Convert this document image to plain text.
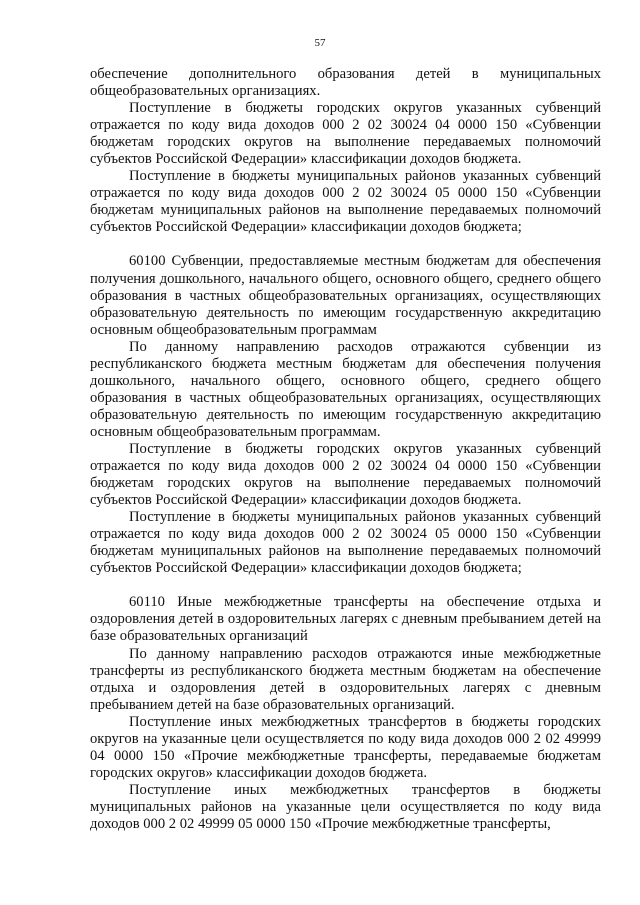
57

обеспечение дополнительного образования детей в муниципальных общеобразовательных организациях.

Поступление в бюджеты городских округов указанных субвенций отражается по коду вида доходов 000 2 02 30024 04 0000 150 «Субвенции бюджетам городских округов на выполнение передаваемых полномочий субъектов Российской Федерации» классификации доходов бюджета.

Поступление в бюджеты муниципальных районов указанных субвенций отражается по коду вида доходов 000 2 02 30024 05 0000 150 «Субвенции бюджетам муниципальных районов на выполнение передаваемых полномочий субъектов Российской Федерации» классификации доходов бюджета;

60100 Субвенции, предоставляемые местным бюджетам для обеспечения получения дошкольного, начального общего, основного общего, среднего общего образования в частных общеобразовательных организациях, осуществляющих образовательную деятельность по имеющим государственную аккредитацию основным общеобразовательным программам

По данному направлению расходов отражаются субвенции из республиканского бюджета местным бюджетам для обеспечения получения дошкольного, начального общего, основного общего, среднего общего образования в частных общеобразовательных организациях, осуществляющих образовательную деятельность по имеющим государственную аккредитацию основным общеобразовательным программам.

Поступление в бюджеты городских округов указанных субвенций отражается по коду вида доходов 000 2 02 30024 04 0000 150 «Субвенции бюджетам городских округов на выполнение передаваемых полномочий субъектов Российской Федерации» классификации доходов бюджета.

Поступление в бюджеты муниципальных районов указанных субвенций отражается по коду вида доходов 000 2 02 30024 05 0000 150 «Субвенции бюджетам муниципальных районов на выполнение передаваемых полномочий субъектов Российской Федерации» классификации доходов бюджета;

60110 Иные межбюджетные трансферты на обеспечение отдыха и оздоровления детей в оздоровительных лагерях с дневным пребыванием детей на базе образовательных организаций

По данному направлению расходов отражаются иные межбюджетные трансферты из республиканского бюджета местным бюджетам на обеспечение отдыха и оздоровления детей в оздоровительных лагерях с дневным пребыванием детей на базе образовательных организаций.

Поступление иных межбюджетных трансфертов в бюджеты городских округов на указанные цели осуществляется по коду вида доходов 000 2 02 49999 04 0000 150 «Прочие межбюджетные трансферты, передаваемые бюджетам городских округов» классификации доходов бюджета.

Поступление иных межбюджетных трансфертов в бюджеты муниципальных районов на указанные цели осуществляется по коду вида доходов 000 2 02 49999 05 0000 150 «Прочие межбюджетные трансферты,
